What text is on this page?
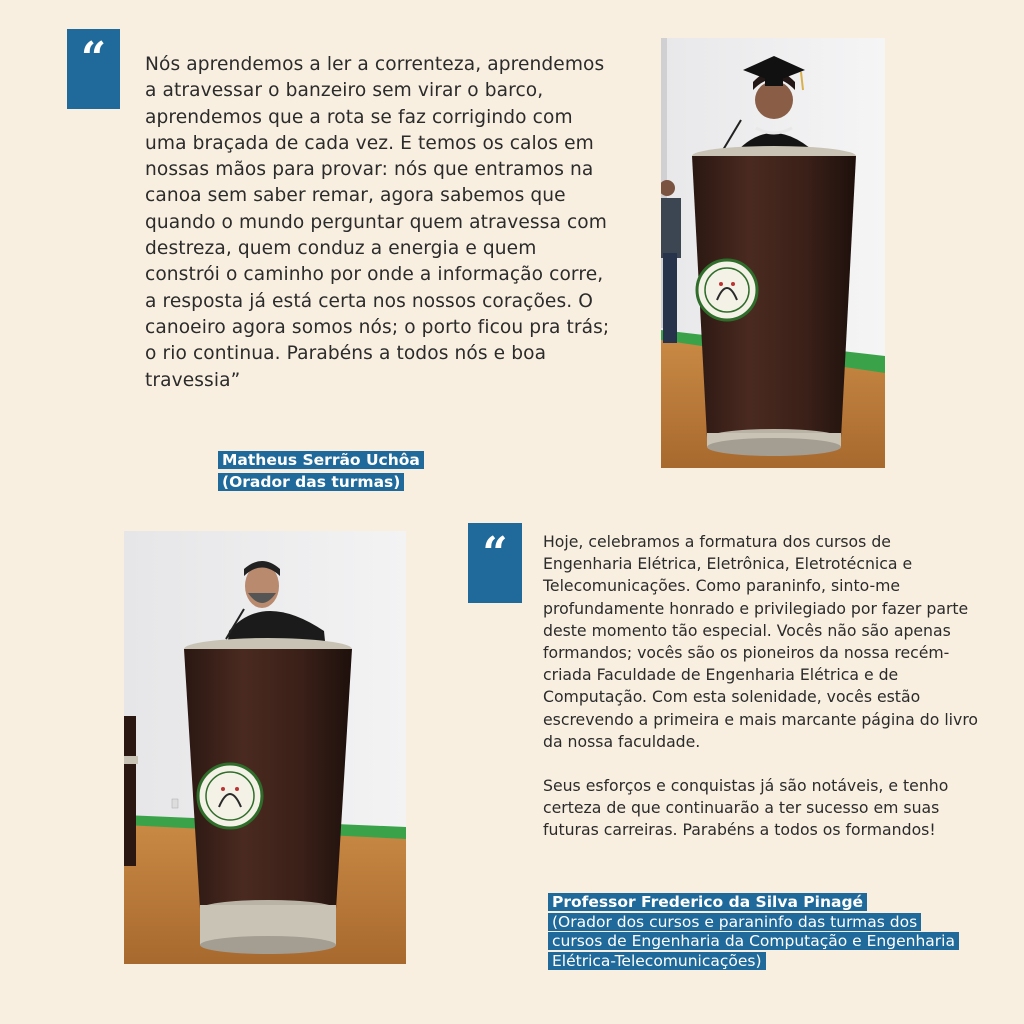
“ Nós aprendemos a ler a correnteza, aprendemos a atravessar o banzeiro sem virar o barco, aprendemos que a rota se faz corrigindo com uma braçada de cada vez. E temos os calos em nossas mãos para provar: nós que entramos na canoa sem saber remar, agora sabemos que quando o mundo perguntar quem atravessa com destreza, quem conduz a energia e quem constrói o caminho por onde a informação corre, a resposta já está certa nos nossos corações. O canoeiro agora somos nós; o porto ficou pra trás; o rio continua. Parabéns a todos nós e boa travessia”

Matheus Serrão Uchôa
(Orador das turmas)

“ Hoje, celebramos a formatura dos cursos de Engenharia Elétrica, Eletrônica, Eletrotécnica e Telecomunicações. Como paraninfo, sinto-me profundamente honrado e privilegiado por fazer parte deste momento tão especial. Vocês não são apenas formandos; vocês são os pioneiros da nossa recém-criada Faculdade de Engenharia Elétrica e de Computação. Com esta solenidade, vocês estão escrevendo a primeira e mais marcante página do livro da nossa faculdade.

Seus esforços e conquistas já são notáveis, e tenho certeza de que continuarão a ter sucesso em suas futuras carreiras. Parabéns a todos os formandos!

Professor Frederico da Silva Pinagé
(Orador dos cursos e paraninfo das turmas dos cursos de Engenharia da Computação e Engenharia Elétrica-Telecomunicações)
